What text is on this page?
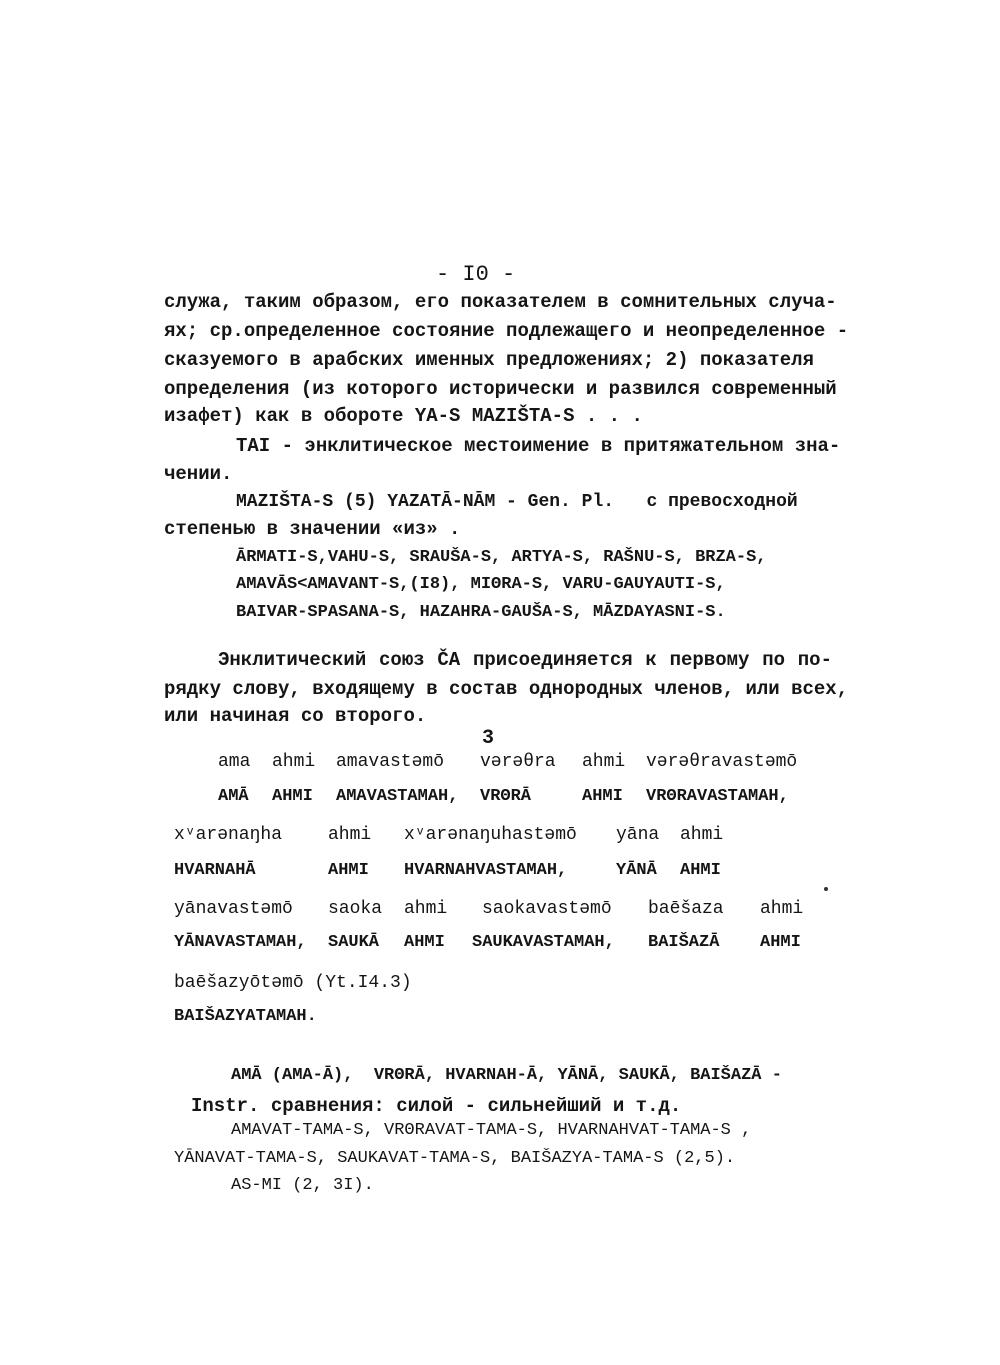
- I0 -
служа, таким образом, его показателем в сомнительных случа-
ях; ср.определенное состояние подлежащего и неопределенное -
сказуемого в арабских именных предложениях; 2) показателя
определения (из которого исторически и развился современный
изафет) как в обороте YA-S MAZIŠTA-S . . .
TAI - энклитическое местоимение в притяжательном зна-
чении.
MAZIŠTA-S (5) YAZATĀ-NĀM - Gen. Pl.   с превосходной
степенью в значении «из» .
ĀRMATI-S,VAHU-S, SRAUŠA-S, ARTYA-S, RAŠNU-S, BRZA-S,
AMAVĀS<AMAVANT-S,(I8), MIΘRA-S, VARU-GAUYAUTI-S,
BAIVAR-SPASANA-S, HAZAHRA-GAUŠA-S, MĀZDAYASNI-S.
Энклитический союз ČA присоединяется к первому по по-
рядку слову, входящему в состав однородных членов, или всех,
или начиная со второго.
3
ama ahmi amavastəmō vərəθra ahmi vərəθravastəmō
AMĀ AHMI AMAVASTAMAH, VRΘRĀ	AHMI VRΘRAVASTAMAH,
xᵛarənaŋha	ahmi xᵛarənaŋuhastəmō yāna ahmi
HVARNAHĀ	AHMI HVARNAHVASTAMAH,	YĀNĀ AHMI
yānavastəmō saoka ahmi saokavastəmō baēšaza ahmi
YĀNAVASTAMAH, SAUKĀ AHMI SAUKAVASTAMAH, BAIŠAZĀ AHMI
baēšazyōtəmō (Yt.I4.3)
BAIŠAZYATAMAH.
AMĀ (AMA-Ā),  VRΘRĀ, HVARNAH-Ā, YĀNĀ, SAUKĀ, BAIŠAZĀ -
Instr. сравнения: силой - сильнейший и т.д.
AMAVAT-TAMA-S, VRΘRAVAT-TAMA-S, HVARNAHVAT-TAMA-S ,
YĀNAVAT-TAMA-S, SAUKAVAT-TAMA-S, BAIŠAZYA-TAMA-S (2,5).
AS-MI (2, 3I).
